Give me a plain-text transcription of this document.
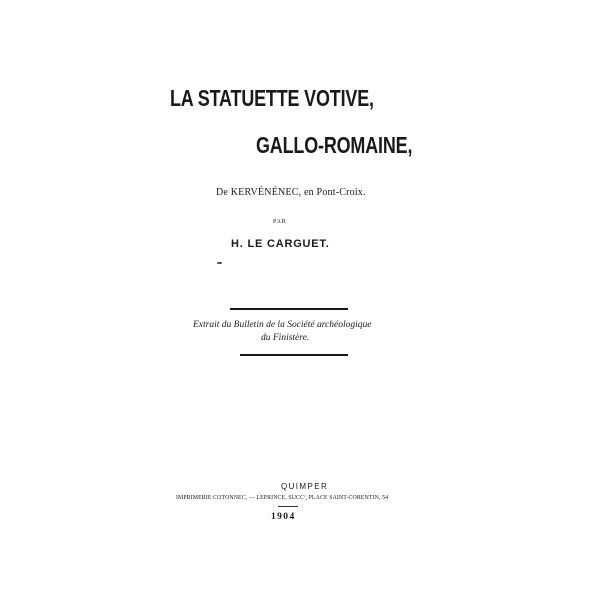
LA STATUETTE VOTIVE,
GALLO-ROMAINE,
De KERVÉNÉNEC, en Pont-Croix.
PAR
H. LE CARGUET.
Extrait du Bulletin de la Société archéologique
du Finistère.
QUIMPER
IMPRIMERIE COTONNEC, — LEPRINCE, SUCCʳ, PLACE SAINT-CORENTIN, 54
1904
